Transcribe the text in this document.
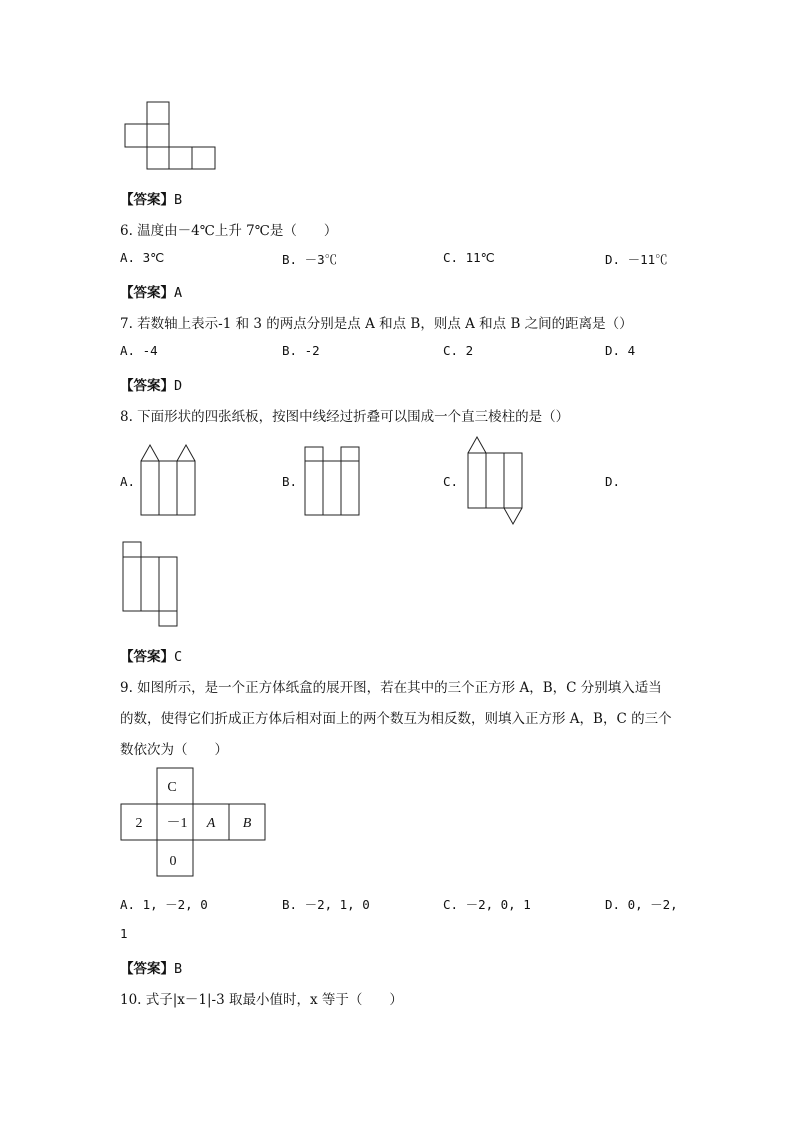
【答案】B
6. 温度由－4℃上升 7℃是（　　）
A. 3℃	B. －3℃	C. 11℃	D. －11℃
【答案】A
7. 若数轴上表示-1 和 3 的两点分别是点 A 和点 B，则点 A 和点 B 之间的距离是（）
A. -4	B. -2	C. 2	D. 4
【答案】D
8. 下面形状的四张纸板，按图中线经过折叠可以围成一个直三棱柱的是（）
A.	B.	C.	D.
【答案】C
9. 如图所示，是一个正方体纸盒的展开图，若在其中的三个正方形 A，B，C 分别填入适当
的数，使得它们折成正方体后相对面上的两个数互为相反数，则填入正方形 A，B，C 的三个
数依次为（　　）
C
2 －1 A B
0
A. 1, －2, 0	B. －2, 1, 0	C. －2, 0, 1	D. 0, －2,
1
【答案】B
10. 式子|x－1|-3 取最小值时，x 等于（　　）
